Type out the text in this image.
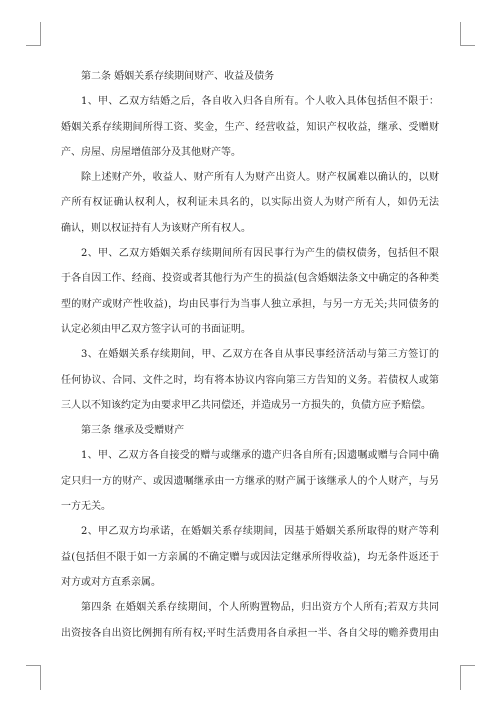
第二条 婚姻关系存续期间财产、收益及债务
1、甲、乙双方结婚之后，各自收入归各自所有。个人收入具体包括但不限于：
婚姻关系存续期间所得工资、奖金，生产、经营收益，知识产权收益，继承、受赠财
产、房屋、房屋增值部分及其他财产等。
除上述财产外，收益人、财产所有人为财产出资人。财产权属难以确认的，以财
产所有权证确认权利人，权利证未具名的，以实际出资人为财产所有人，如仍无法
确认，则以权证持有人为该财产所有权人。
2、甲、乙双方婚姻关系存续期间所有因民事行为产生的债权债务，包括但不限
于各自因工作、经商、投资或者其他行为产生的损益(包含婚姻法条文中确定的各种类
型的财产或财产性收益)，均由民事行为当事人独立承担，与另一方无关;共同债务的
认定必须由甲乙双方签字认可的书面证明。
3、在婚姻关系存续期间，甲、乙双方在各自从事民事经济活动与第三方签订的
任何协议、合同、文件之时，均有将本协议内容向第三方告知的义务。若债权人或第
三人以不知该约定为由要求甲乙共同偿还，并造成另一方损失的，负债方应予赔偿。
第三条 继承及受赠财产
1、甲、乙双方各自接受的赠与或继承的遗产归各自所有;因遗嘱或赠与合同中确
定只归一方的财产、或因遗嘱继承由一方继承的财产属于该继承人的个人财产，与另
一方无关。
2、甲乙双方均承诺，在婚姻关系存续期间，因基于婚姻关系所取得的财产等利
益(包括但不限于如一方亲属的不确定赠与或因法定继承所得收益)，均无条件返还于
对方或对方直系亲属。
第四条 在婚姻关系存续期间，个人所购置物品，归出资方个人所有;若双方共同
出资按各自出资比例拥有所有权;平时生活费用各自承担一半、各自父母的赡养费用由
